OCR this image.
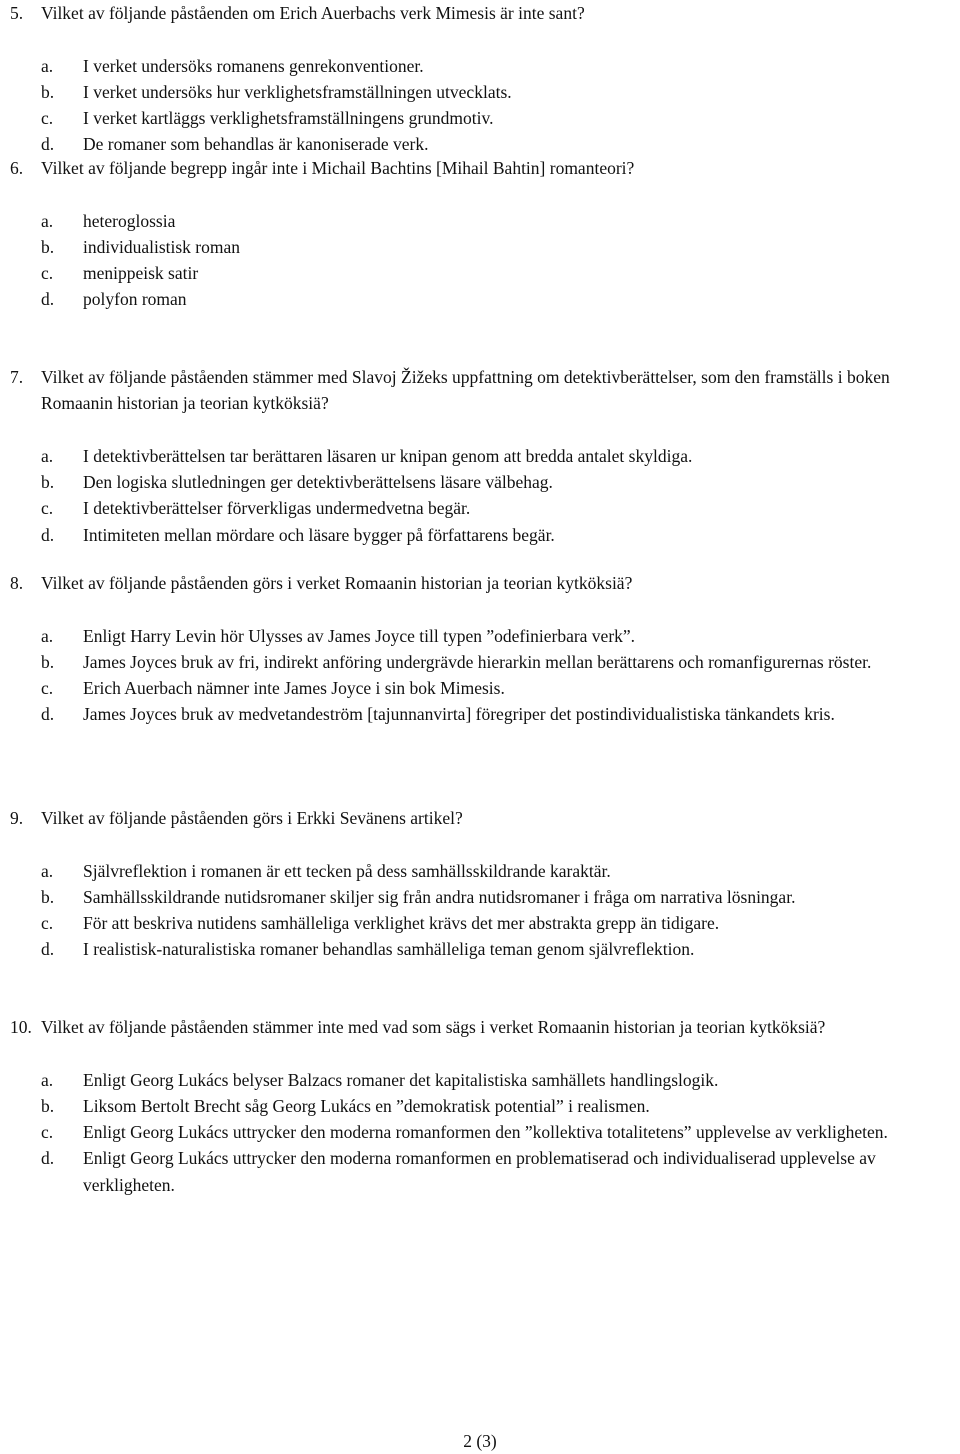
5.	Vilket av följande påståenden om Erich Auerbachs verk Mimesis är inte sant?
a.	I verket undersöks romanens genrekonventioner.
b.	I verket undersöks hur verklighetsframställningen utvecklats.
c.	I verket kartläggs verklighetsframställningens grundmotiv.
d.	De romaner som behandlas är kanoniserade verk.
6.	Vilket av följande begrepp ingår inte i Michail Bachtins [Mihail Bahtin] romanteori?
a.	heteroglossia
b.	individualistisk roman
c.	menippeisk satir
d.	polyfon roman
7.	Vilket av följande påståenden stämmer med Slavoj Žižeks uppfattning om detektivberättelser, som den framställs i boken Romaanin historian ja teorian kytköksiä?
a.	I detektivberättelsen tar berättaren läsaren ur knipan genom att bredda antalet skyldiga.
b.	Den logiska slutledningen ger detektivberättelsens läsare välbehag.
c.	I detektivberättelser förverkligas undermedvetna begär.
d.	Intimiteten mellan mördare och läsare bygger på författarens begär.
8.	Vilket av följande påståenden görs i verket Romaanin historian ja teorian kytköksiä?
a.	Enligt Harry Levin hör Ulysses av James Joyce till typen ”odefinierbara verk”.
b.	James Joyces bruk av fri, indirekt anföring undergrävde hierarkin mellan berättarens och romanfigurernas röster.
c.	Erich Auerbach nämner inte James Joyce i sin bok Mimesis.
d.	James Joyces bruk av medvetandeström [tajunnanvirta] föregriper det postindividualistiska tänkandets kris.
9.	Vilket av följande påståenden görs i Erkki Sevänens artikel?
a.	Självreflektion i romanen är ett tecken på dess samhällsskildrande karaktär.
b.	Samhällsskildrande nutidsromaner skiljer sig från andra nutidsromaner i fråga om narrativa lösningar.
c.	För att beskriva nutidens samhälleliga verklighet krävs det mer abstrakta grepp än tidigare.
d.	I realistisk-naturalistiska romaner behandlas samhälleliga teman genom självreflektion.
10. Vilket av följande påståenden stämmer inte med vad som sägs i verket Romaanin historian ja teorian kytköksiä?
a.	Enligt Georg Lukács belyser Balzacs romaner det kapitalistiska samhällets handlingslogik.
b.	Liksom Bertolt Brecht såg Georg Lukács en ”demokratisk potential” i realismen.
c.	Enligt Georg Lukács uttrycker den moderna romanformen den ”kollektiva totalitetens” upplevelse av verkligheten.
d.	Enligt Georg Lukács uttrycker den moderna romanformen en problematiserad och individualiserad upplevelse av verkligheten.
2 (3)
